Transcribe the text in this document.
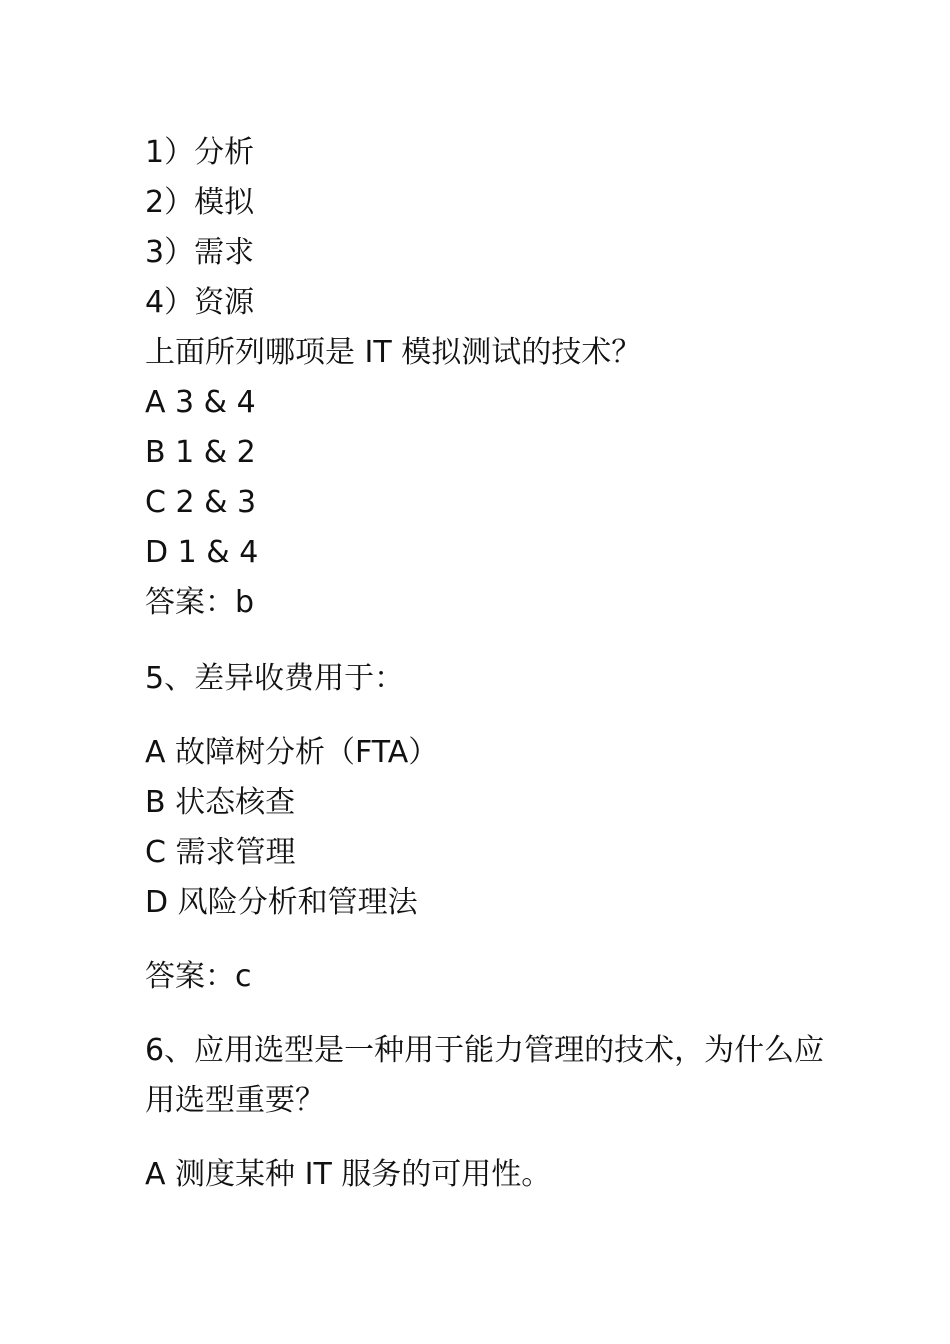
1）分析

2）模拟

3）需求

4）资源

上面所列哪项是 IT 模拟测试的技术？

A 3 & 4

B 1 & 2

C 2 & 3

D 1 & 4

答案：b

5、差异收费用于：

A 故障树分析（FTA）

B 状态核查

C 需求管理

D 风险分析和管理法

答案：c

6、应用选型是一种用于能力管理的技术，为什么应用选型重要？

A 测度某种 IT 服务的可用性。
